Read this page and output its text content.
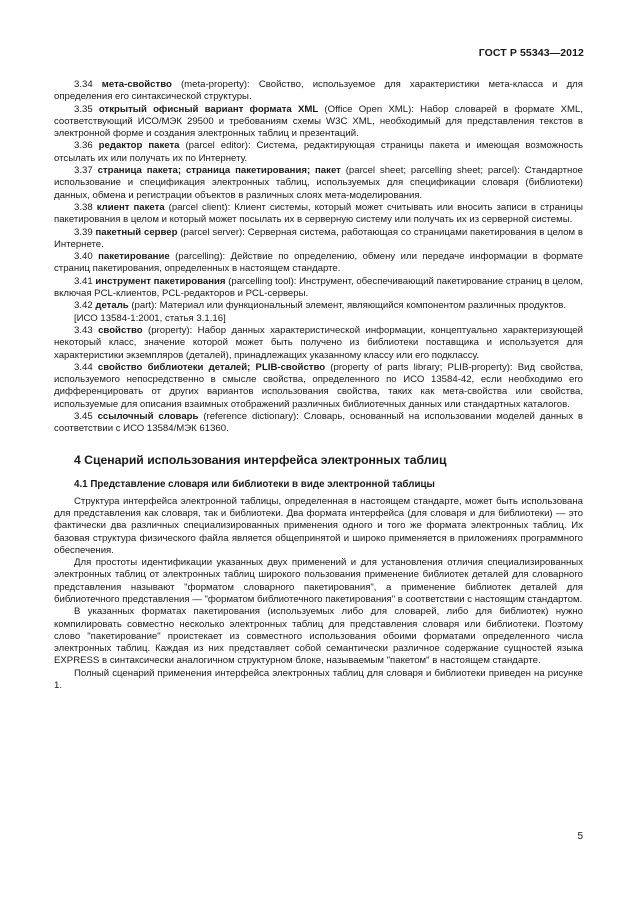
ГОСТ Р 55343—2012

3.34 мета-свойство (meta-property): Свойство, используемое для характеристики мета-класса и для определения его синтаксической структуры.

3.35 открытый офисный вариант формата XML (Office Open XML): Набор словарей в формате XML, соответствующий ИСО/МЭК 29500 и требованиям схемы W3C XML, необходимый для представления текстов в электронной форме и создания электронных таблиц и презентаций.

3.36 редактор пакета (parcel editor): Система, редактирующая страницы пакета и имеющая возможность отсылать их или получать их по Интернету.

3.37 страница пакета; страница пакетирования; пакет (parcel sheet; parcelling sheet; parcel): Стандартное использование и спецификация электронных таблиц, используемых для спецификации словаря (библиотеки) данных, обмена и регистрации объектов в различных слоях мета-моделирования.

3.38 клиент пакета (parcel client): Клиент системы, который может считывать или вносить записи в страницы пакетирования в целом и который может посылать их в серверную систему или получать их из серверной системы.

3.39 пакетный сервер (parcel server): Серверная система, работающая со страницами пакетирования в целом в Интернете.

3.40 пакетирование (parcelling): Действие по определению, обмену или передаче информации в формате страниц пакетирования, определенных в настоящем стандарте.

3.41 инструмент пакетирования (parcelling tool): Инструмент, обеспечивающий пакетирование страниц в целом, включая PCL-клиентов, PCL-редакторов и PCL-серверы.

3.42 деталь (part): Материал или функциональный элемент, являющийся компонентом различных продуктов.

[ИСО 13584-1:2001, статья 3.1.16]

3.43 свойство (property): Набор данных характеристической информации, концептуально характеризующей некоторый класс, значение которой может быть получено из библиотеки поставщика и используется для характеристики экземпляров (деталей), принадлежащих указанному классу или его подклассу.

3.44 свойство библиотеки деталей; PLIB-свойство (property of parts library; PLIB-property): Вид свойства, используемого непосредственно в смысле свойства, определенного по ИСО 13584-42, если необходимо его дифференцировать от других вариантов использования свойства, таких как мета-свойства или свойства, используемые для описания взаимных отображений различных библиотечных данных или стандартных каталогов.

3.45 ссылочный словарь (reference dictionary): Словарь, основанный на использовании моделей данных в соответствии с ИСО 13584/МЭК 61360.

4 Сценарий использования интерфейса электронных таблиц
4.1 Представление словаря или библиотеки в виде электронной таблицы

Структура интерфейса электронной таблицы, определенная в настоящем стандарте, может быть использована для представления как словаря, так и библиотеки. Два формата интерфейса (для словаря и для библиотеки) — это фактически два различных специализированных применения одного и того же формата электронных таблиц. Их базовая структура физического файла является общепринятой и широко применяется в приложениях программного обеспечения.

Для простоты идентификации указанных двух применений и для установления отличия специализированных электронных таблиц от электронных таблиц широкого пользования применение библиотек деталей для словарного представления называют "форматом словарного пакетирования", а применение библиотек деталей для библиотечного представления — "форматом библиотечного пакетирования" в соответствии с настоящим стандартом.

В указанных форматах пакетирования (используемых либо для словарей, либо для библиотек) нужно компилировать совместно несколько электронных таблиц для представления словаря или библиотеки. Поэтому слово "пакетирование" проистекает из совместного использования обоими форматами определенного числа электронных таблиц. Каждая из них представляет собой семантически различное содержание сущностей языка EXPRESS в синтаксически аналогичном структурном блоке, называемым "пакетом" в настоящем стандарте.

Полный сценарий применения интерфейса электронных таблиц для словаря и библиотеки приведен на рисунке 1.

5
